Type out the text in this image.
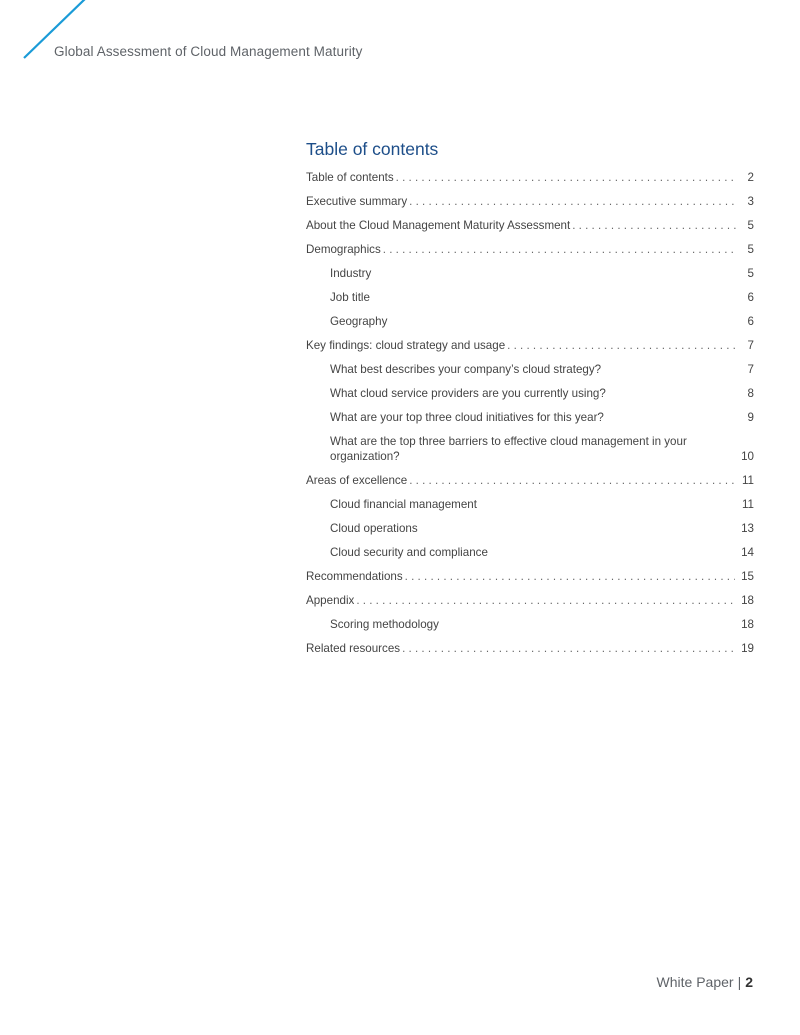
Global Assessment of Cloud Management Maturity
Table of contents
Table of contents . . .	2
Executive summary . . .	3
About the Cloud Management Maturity Assessment . . .	5
Demographics . . .	5
Industry	5
Job title	6
Geography	6
Key findings: cloud strategy and usage . . .	7
What best describes your company’s cloud strategy?	7
What cloud service providers are you currently using?	8
What are your top three cloud initiatives for this year?	9
What are the top three barriers to effective cloud management in your organization?	10
Areas of excellence . . .	11
Cloud financial management	11
Cloud operations	13
Cloud security and compliance	14
Recommendations . . .	15
Appendix . . .	18
Scoring methodology	18
Related resources . . .	19
White Paper | 2
